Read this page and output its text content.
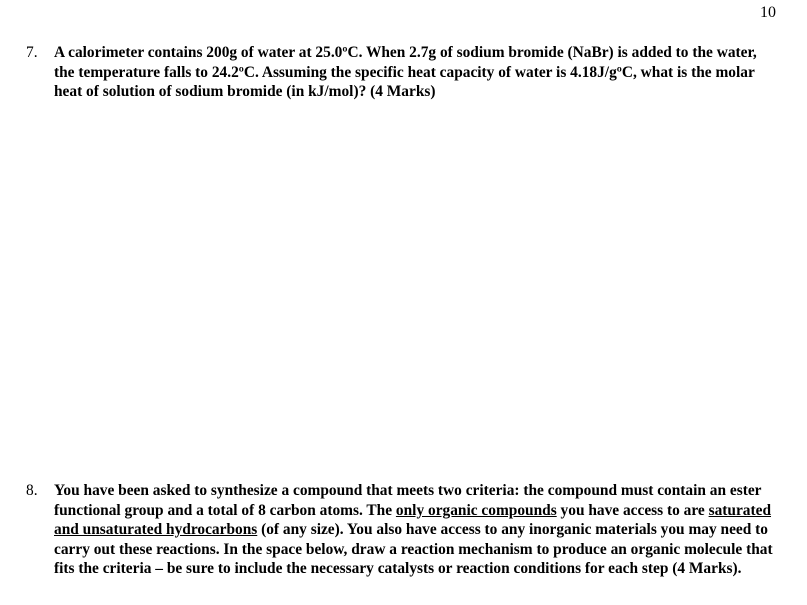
10
7.	A calorimeter contains 200g of water at 25.0ºC. When 2.7g of sodium bromide (NaBr) is added to the water, the temperature falls to 24.2ºC. Assuming the specific heat capacity of water is 4.18J/gºC, what is the molar heat of solution of sodium bromide (in kJ/mol)? (4 Marks)
8.	You have been asked to synthesize a compound that meets two criteria: the compound must contain an ester functional group and a total of 8 carbon atoms. The only organic compounds you have access to are saturated and unsaturated hydrocarbons (of any size). You also have access to any inorganic materials you may need to carry out these reactions. In the space below, draw a reaction mechanism to produce an organic molecule that fits the criteria – be sure to include the necessary catalysts or reaction conditions for each step (4 Marks).
